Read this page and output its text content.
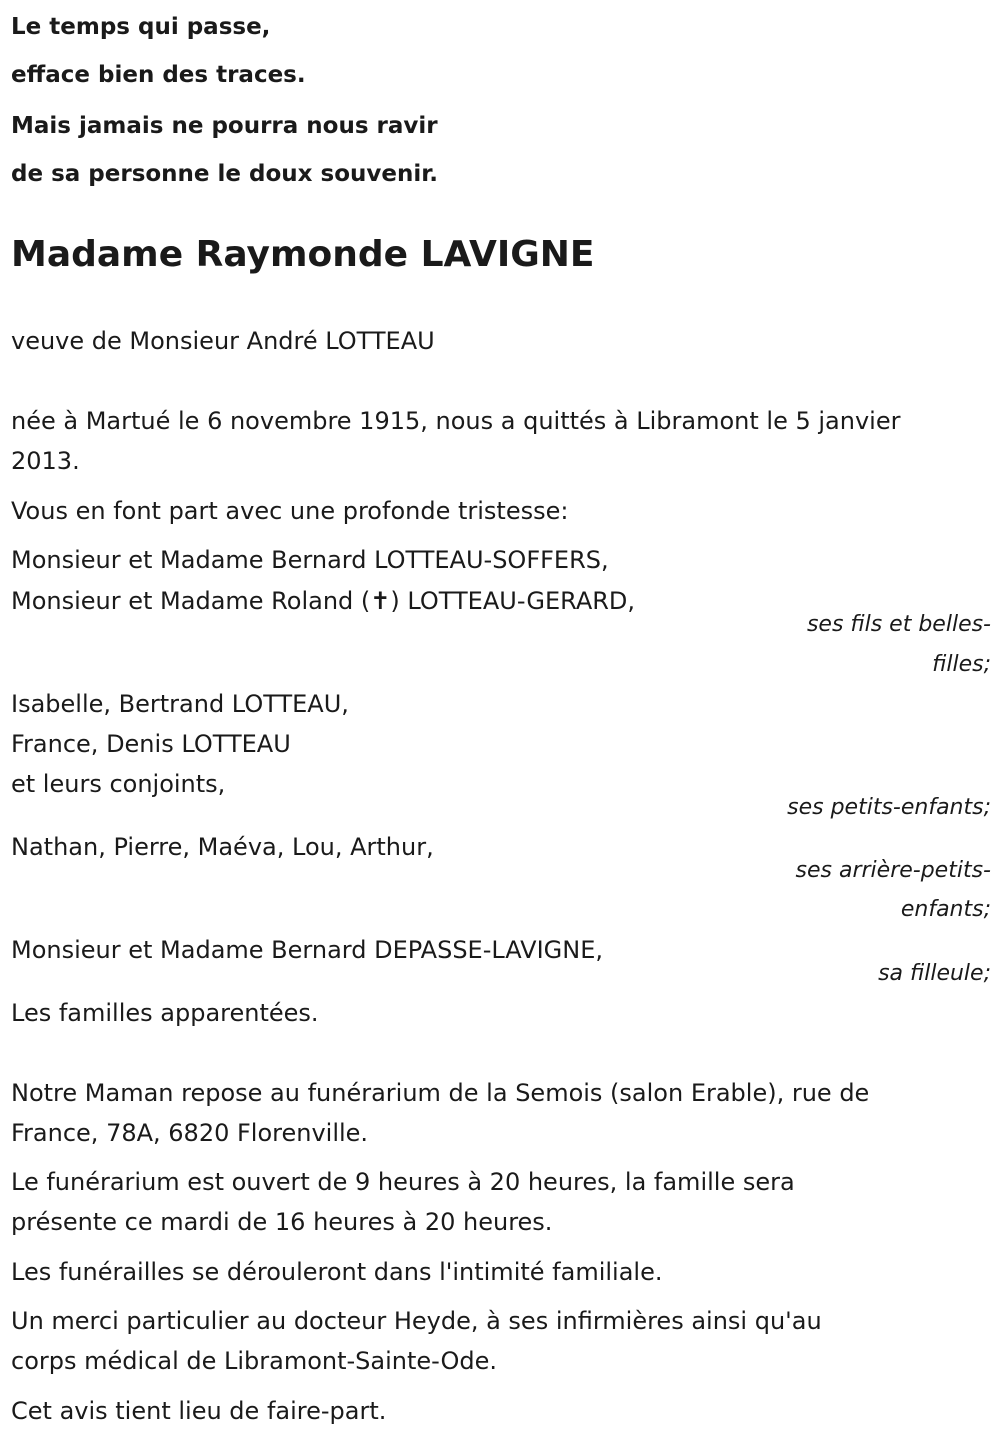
Le temps qui passe,
efface bien des traces.
Mais jamais ne pourra nous ravir
de sa personne le doux souvenir.
Madame Raymonde LAVIGNE
veuve de Monsieur André LOTTEAU
née à Martué le 6 novembre 1915, nous a quittés à Libramont le 5 janvier
2013.
Vous en font part avec une profonde tristesse:
Monsieur et Madame Bernard LOTTEAU-SOFFERS,
Monsieur et Madame Roland (✝) LOTTEAU-GERARD,
ses fils et belles-
filles;
Isabelle, Bertrand LOTTEAU,
France, Denis LOTTEAU
et leurs conjoints,
ses petits-enfants;
Nathan, Pierre, Maéva, Lou, Arthur,
ses arrière-petits-
enfants;
Monsieur et Madame Bernard DEPASSE-LAVIGNE,
sa filleule;
Les familles apparentées.
Notre Maman repose au funérarium de la Semois (salon Erable), rue de
France, 78A, 6820 Florenville.
Le funérarium est ouvert de 9 heures à 20 heures, la famille sera
présente ce mardi de 16 heures à 20 heures.
Les funérailles se dérouleront dans l'intimité familiale.
Un merci particulier au docteur Heyde, à ses infirmières ainsi qu'au
corps médical de Libramont-Sainte-Ode.
Cet avis tient lieu de faire-part.
